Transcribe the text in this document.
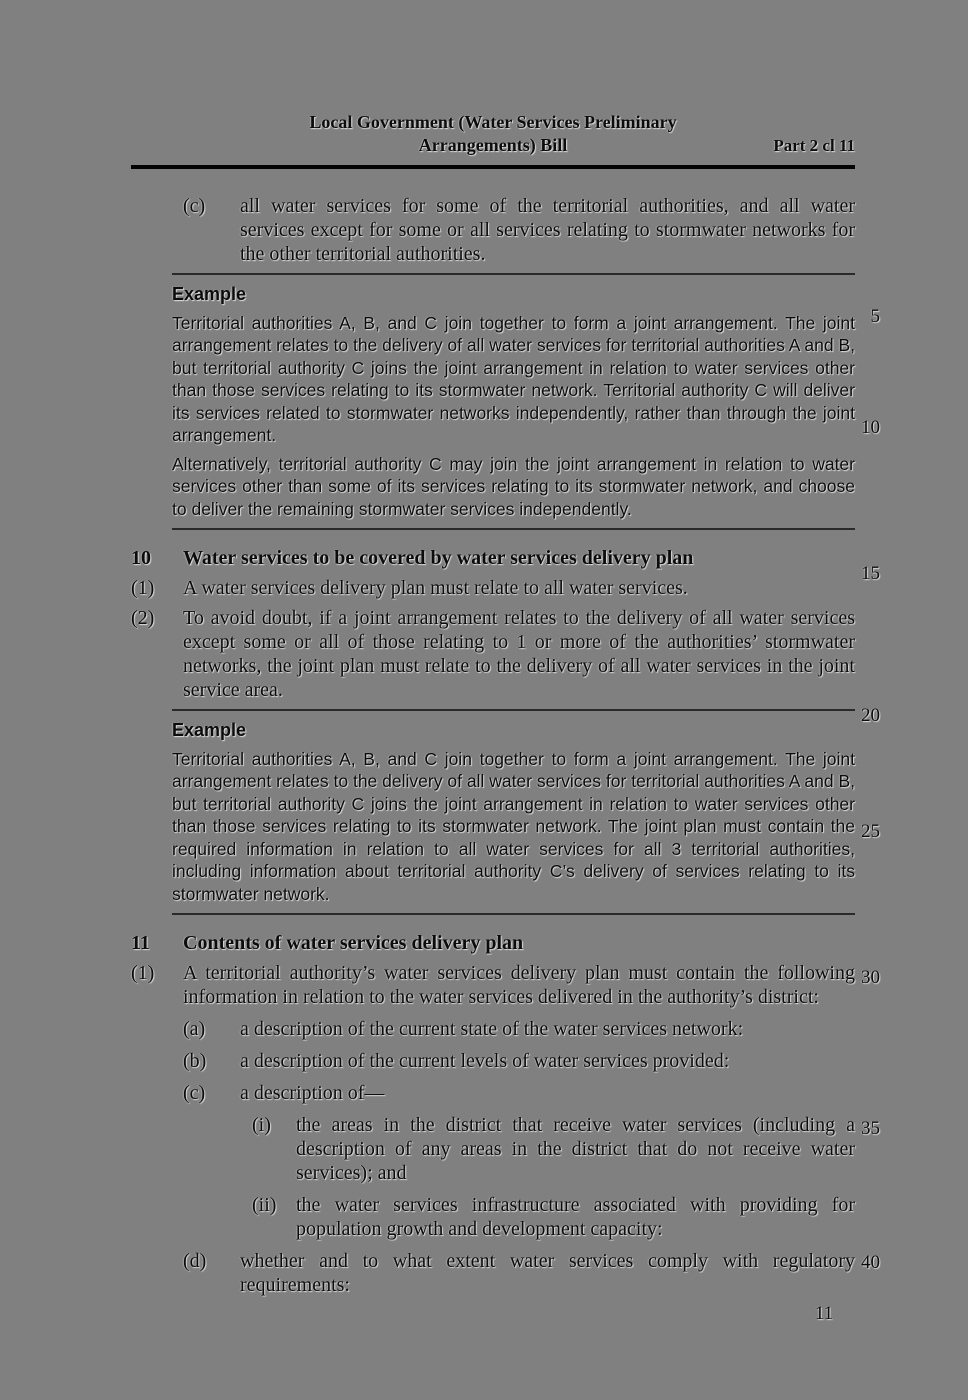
Local Government (Water Services Preliminary
Arrangements) Bill	Part 2 cl 11
(c)	all water services for some of the territorial authorities, and all water services except for some or all services relating to stormwater networks for the other territorial authorities.
Example

Territorial authorities A, B, and C join together to form a joint arrangement. The joint arrangement relates to the delivery of all water services for territorial authorities A and B, but territorial authority C joins the joint arrangement in relation to water services other than those services relating to its stormwater network. Territorial authority C will deliver its services related to stormwater networks independently, rather than through the joint arrangement.

Alternatively, territorial authority C may join the joint arrangement in relation to water services other than some of its services relating to its stormwater network, and choose to deliver the remaining stormwater services independently.

10	Water services to be covered by water services delivery plan
(1)	A water services delivery plan must relate to all water services.
(2)	To avoid doubt, if a joint arrangement relates to the delivery of all water services except some or all of those relating to 1 or more of the authorities’ stormwater networks, the joint plan must relate to the delivery of all water services in the joint service area.
Example

Territorial authorities A, B, and C join together to form a joint arrangement. The joint arrangement relates to the delivery of all water services for territorial authorities A and B, but territorial authority C joins the joint arrangement in relation to water services other than those services relating to its stormwater network. The joint plan must contain the required information in relation to all water services for all 3 territorial authorities, including information about territorial authority C’s delivery of services relating to its stormwater network.

11	Contents of water services delivery plan
(1)	A territorial authority’s water services delivery plan must contain the following information in relation to the water services delivered in the authority’s district:
(a)	a description of the current state of the water services network:
(b)	a description of the current levels of water services provided:
(c)	a description of—
(i)	the areas in the district that receive water services (including a description of any areas in the district that do not receive water services); and
(ii) the water services infrastructure associated with providing for population growth and development capacity:
(d)	whether and to what extent water services comply with regulatory requirements:
5
10
15
20
25
30
35
40
11
